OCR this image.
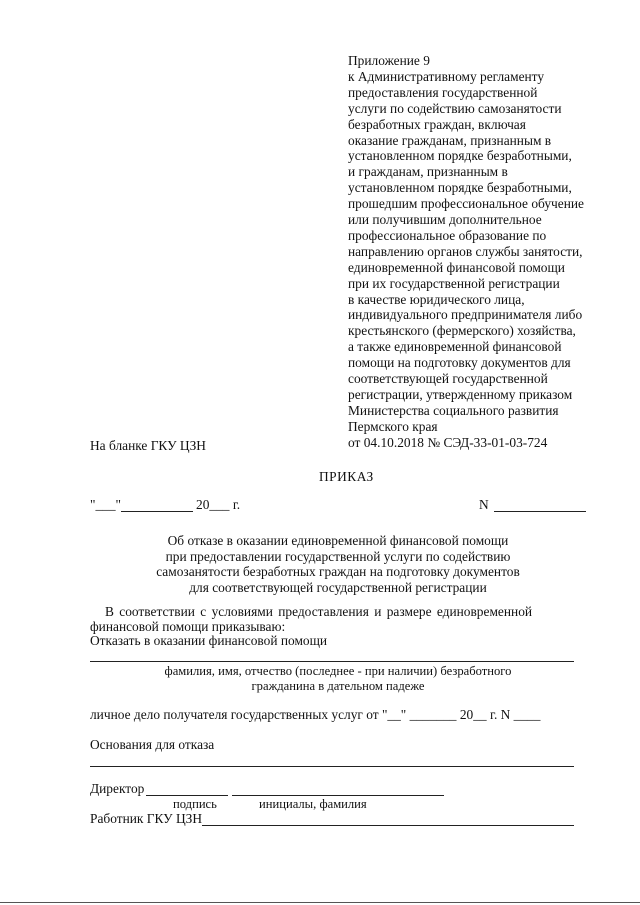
Приложение 9
к Административному регламенту
предоставления государственной
услуги по содействию самозанятости
безработных граждан, включая
оказание гражданам, признанным в
установленном порядке безработными,
и гражданам, признанным в
установленном порядке безработными,
прошедшим профессиональное обучение
или получившим дополнительное
профессиональное образование по
направлению органов службы занятости,
единовременной финансовой помощи
при их государственной регистрации
в качестве юридического лица,
индивидуального предпринимателя либо
крестьянского (фермерского) хозяйства,
а также единовременной финансовой
помощи на подготовку документов для
соответствующей государственной
регистрации, утвержденному приказом
Министерства социального развития
Пермского края
от 04.10.2018 № СЭД-33-01-03-724
На бланке ГКУ ЦЗН
ПРИКАЗ
"___"	20___ г.	N
Об отказе в оказании единовременной финансовой помощи
при предоставлении государственной услуги по содействию
самозанятости безработных граждан на подготовку документов
для соответствующей государственной регистрации
В соответствии с условиями предоставления и размере единовременной
финансовой помощи приказываю:
Отказать в оказании финансовой помощи
фамилия, имя, отчество (последнее - при наличии) безработного
гражданина в дательном падеже
личное дело получателя государственных услуг от "__" _______ 20__ г. N ____
Основания для отказа
Директор
подпись	инициалы, фамилия
Работник ГКУ ЦЗН
